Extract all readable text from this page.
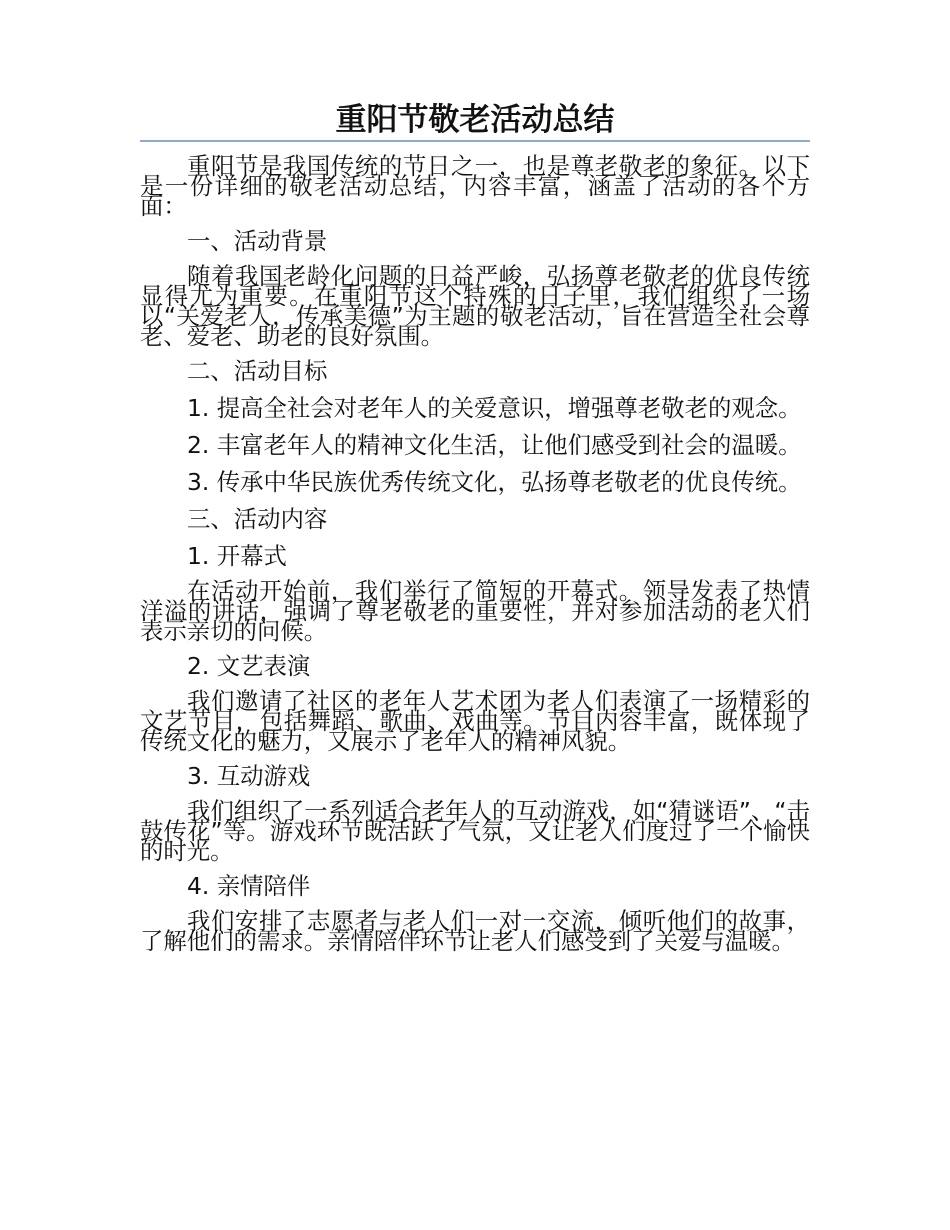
重阳节敬老活动总结

重阳节是我国传统的节日之一，也是尊老敬老的象征。以下是一份详细的敬老活动总结，内容丰富，涵盖了活动的各个方面：

一、活动背景

随着我国老龄化问题的日益严峻，弘扬尊老敬老的优良传统显得尤为重要。在重阳节这个特殊的日子里，我们组织了一场以“关爱老人，传承美德”为主题的敬老活动，旨在营造全社会尊老、爱老、助老的良好氛围。

二、活动目标

1. 提高全社会对老年人的关爱意识，增强尊老敬老的观念。

2. 丰富老年人的精神文化生活，让他们感受到社会的温暖。

3. 传承中华民族优秀传统文化，弘扬尊老敬老的优良传统。

三、活动内容

1. 开幕式

在活动开始前，我们举行了简短的开幕式。领导发表了热情洋溢的讲话，强调了尊老敬老的重要性，并对参加活动的老人们表示亲切的问候。

2. 文艺表演

我们邀请了社区的老年人艺术团为老人们表演了一场精彩的文艺节目，包括舞蹈、歌曲、戏曲等。节目内容丰富，既体现了传统文化的魅力，又展示了老年人的精神风貌。

3. 互动游戏

我们组织了一系列适合老年人的互动游戏，如“猜谜语”、“击鼓传花”等。游戏环节既活跃了气氛，又让老人们度过了一个愉快的时光。

4. 亲情陪伴

我们安排了志愿者与老人们一对一交流，倾听他们的故事，了解他们的需求。亲情陪伴环节让老人们感受到了关爱与温暖。
